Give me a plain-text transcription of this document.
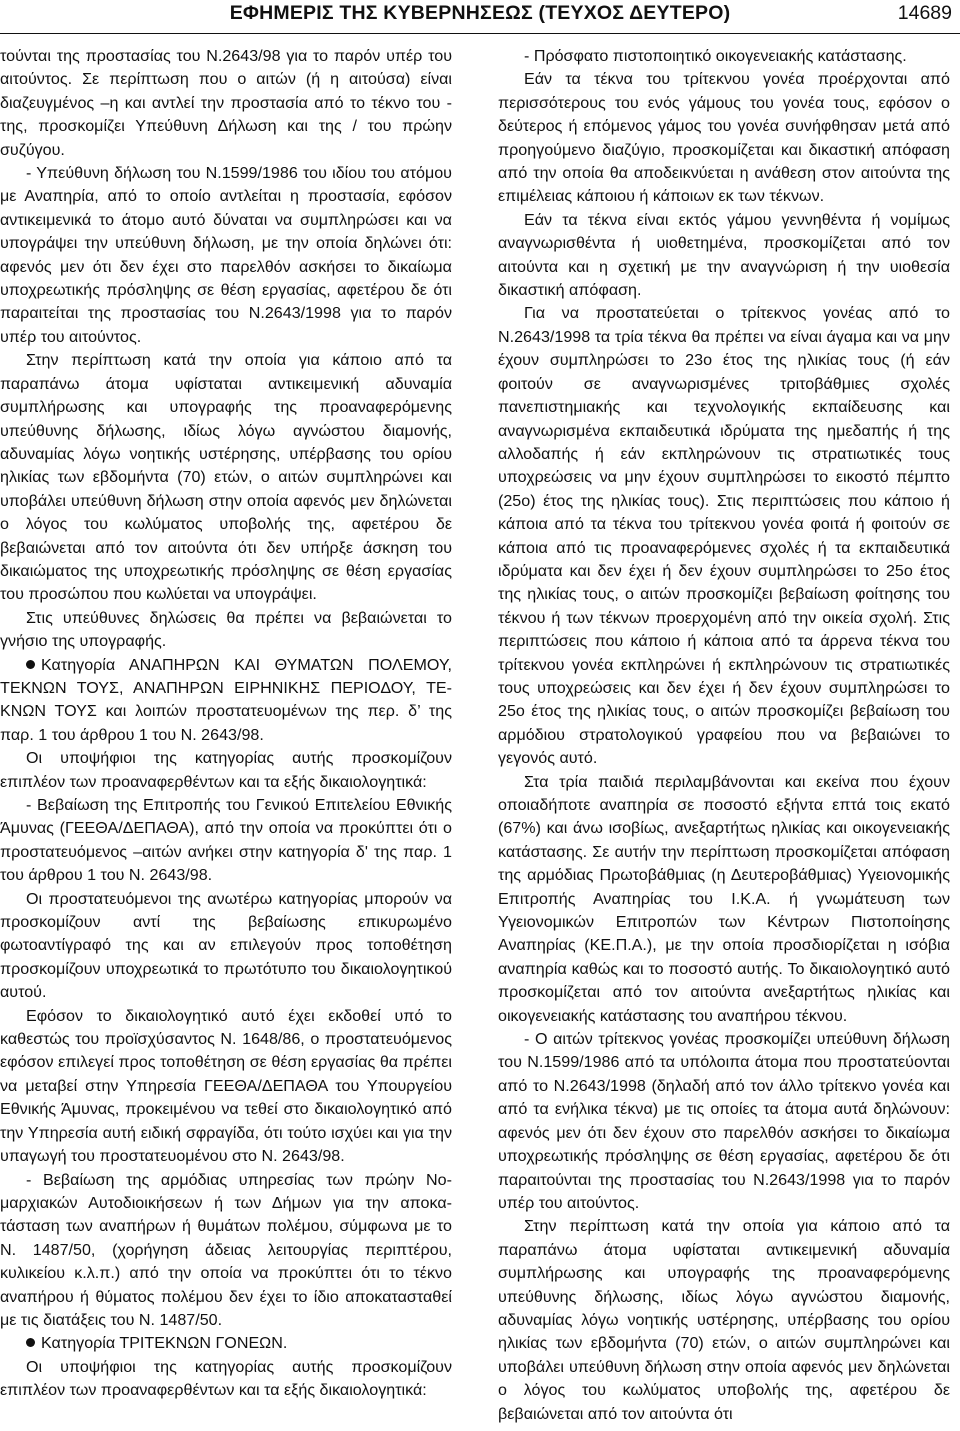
ΕΦΗΜΕΡΙΣ ΤΗΣ ΚΥΒΕΡΝΗΣΕΩΣ (ΤΕΥΧΟΣ ΔΕΥΤΕΡΟ)	14689

τούνται της προστασίας του Ν.2643/98 για το παρόν υπέρ του αιτούντος. Σε περίπτωση που ο αιτών (ή η αιτούσα) είναι διαζευγμένος –η και αντλεί την προστασία από το τέκνο του - της, προσκομίζει Υπεύθυνη Δήλωση και της / του πρώην συζύγου.

- Υπεύθυνη δήλωση του Ν.1599/1986 του ιδίου του ατόμου με Αναπηρία, από το οποίο αντλείται η προστασία, εφόσον αντικειμενικά το άτομο αυτό δύναται να συμπληρώσει και να υπογράψει την υπεύθυνη δήλωση, με την οποία δηλώνει ότι: αφενός μεν ότι δεν έχει στο παρελθόν ασκήσει το δικαίωμα υποχρεωτικής πρόσληψης σε θέση εργασίας, αφετέρου δε ότι παραιτείται της προστασίας του Ν.2643/1998 για το παρόν υπέρ του αιτούντος.

Στην περίπτωση κατά την οποία για κάποιο από τα παραπάνω άτομα υφίσταται αντικειμενική αδυναμία συμπλήρωσης και υπογραφής της προαναφερόμενης υπεύθυνης δήλωσης, ιδίως λόγω αγνώστου διαμονής, αδυναμίας λόγω νοητικής υστέρησης, υπέρβασης του ορίου ηλικίας των εβδομήντα (70) ετών, ο αιτών συμπληρώνει και υποβάλει υπεύθυνη δήλωση στην οποία αφενός μεν δηλώνεται ο λόγος του κωλύματος υποβολής της, αφετέρου δε βεβαιώνεται από τον αιτούντα ότι δεν υπήρξε άσκηση του δικαιώματος της υποχρεωτικής πρόσληψης σε θέση εργασίας του προσώπου που κωλύεται να υπογράψει.

Στις υπεύθυνες δηλώσεις θα πρέπει να βεβαιώνεται το γνήσιο της υπογραφής.

Κατηγορία ΑΝΑΠΗΡΩΝ ΚΑΙ ΘΥΜΑΤΩΝ ΠΟΛΕΜΟΥ, ΤΕΚΝΩΝ ΤΟΥΣ, ΑΝΑΠΗΡΩΝ ΕΙΡΗΝΙΚΗΣ ΠΕΡΙΟΔΟΥ, ΤΕΚΝΩΝ ΤΟΥΣ και λοιπών προστατευομένων της περ. δ’ της παρ. 1 του άρθρου 1 του Ν. 2643/98.

Οι υποψήφιοι της κατηγορίας αυτής προσκομίζουν επιπλέον των προαναφερθέντων και τα εξής δικαιολογητικά:

- Βεβαίωση της Επιτροπής του Γενικού Επιτελείου Εθνικής Άμυνας (ΓΕΕΘΑ/ΔΕΠΑΘΑ), από την οποία να προκύπτει ότι ο προστατευόμενος –αιτών ανήκει στην κατηγορία δ' της παρ. 1 του άρθρου 1 του Ν. 2643/98.

Οι προστατευόμενοι της ανωτέρω κατηγορίας μπορούν να προσκομίζουν αντί της βεβαίωσης επικυρωμένο φωτοαντίγραφό της και αν επιλεγούν προς τοποθέτηση προσκομίζουν υποχρεωτικά το πρωτότυπο του δικαιολογητικού αυτού.

Εφόσον το δικαιολογητικό αυτό έχει εκδοθεί υπό το καθεστώς του προϊσχύσαντος Ν. 1648/86, ο προστατευόμενος εφόσον επιλεγεί προς τοποθέτηση σε θέση εργασίας θα πρέπει να μεταβεί στην Υπηρεσία ΓΕΕΘΑ/ΔΕΠΑΘΑ του Υπουργείου Εθνικής Άμυνας, προκειμένου να τεθεί στο δικαιολογητικό από την Υπηρεσία αυτή ειδική σφραγίδα, ότι τούτο ισχύει και για την υπαγωγή του προστατευομένου στο Ν. 2643/98.

- Βεβαίωση της αρμόδιας υπηρεσίας των πρώην Νομαρχιακών Αυτοδιοικήσεων ή των Δήμων για την αποκατάσταση των αναπήρων ή θυμάτων πολέμου, σύμφωνα με το Ν. 1487/50, (χορήγηση άδειας λειτουργίας περιπτέρου, κυλικείου κ.λ.π.) από την οποία να προκύπτει ότι το τέκνο αναπήρου ή θύματος πολέμου δεν έχει το ίδιο αποκατασταθεί με τις διατάξεις του Ν. 1487/50.

Κατηγορία ΤΡΙΤΕΚΝΩΝ ΓΟΝΕΩΝ.

Οι υποψήφιοι της κατηγορίας αυτής προσκομίζουν επιπλέον των προαναφερθέντων και τα εξής δικαιολογητικά:

- Πρόσφατο πιστοποιητικό οικογενειακής κατάστασης.

Εάν τα τέκνα του τρίτεκνου γονέα προέρχονται από περισσότερους του ενός γάμους του γονέα τους, εφόσον ο δεύτερος ή επόμενος γάμος του γονέα συνήφθησαν μετά από προηγούμενο διαζύγιο, προσκομίζεται και δικαστική απόφαση από την οποία θα αποδεικνύεται η ανάθεση στον αιτούντα της επιμέλειας κάποιου ή κάποιων εκ των τέκνων.

Εάν τα τέκνα είναι εκτός γάμου γεννηθέντα ή νομίμως αναγνωρισθέντα ή υιοθετημένα, προσκομίζεται από τον αιτούντα και η σχετική με την αναγνώριση ή την υιοθεσία δικαστική απόφαση.

Για να προστατεύεται ο τρίτεκνος γονέας από το Ν.2643/1998 τα τρία τέκνα θα πρέπει να είναι άγαμα και να μην έχουν συμπληρώσει το 23ο έτος της ηλικίας τους (ή εάν φοιτούν σε αναγνωρισμένες τριτοβάθμιες σχολές πανεπιστημιακής και τεχνολογικής εκπαίδευσης και αναγνωρισμένα εκπαιδευτικά ιδρύματα της ημεδαπής ή της αλλοδαπής ή εάν εκπληρώνουν τις στρατιωτικές τους υποχρεώσεις να μην έχουν συμπληρώσει το εικοστό πέμπτο (25ο) έτος της ηλικίας τους). Στις περιπτώσεις που κάποιο ή κάποια από τα τέκνα του τρίτεκνου γονέα φοιτά ή φοιτούν σε κάποια από τις προαναφερόμενες σχολές ή τα εκπαιδευτικά ιδρύματα και δεν έχει ή δεν έχουν συμπληρώσει το 25ο έτος της ηλικίας τους, ο αιτών προσκομίζει βεβαίωση φοίτησης του τέκνου ή των τέκνων προερχομένη από την οικεία σχολή. Στις περιπτώσεις που κάποιο ή κάποια από τα άρρενα τέκνα του τρίτεκνου γονέα εκπληρώνει ή εκπληρώνουν τις στρατιωτικές τους υποχρεώσεις και δεν έχει ή δεν έχουν συμπληρώσει το 25ο έτος της ηλικίας τους, ο αιτών προσκομίζει βεβαίωση του αρμόδιου στρατολογικού γραφείου που να βεβαιώνει το γεγονός αυτό.

Στα τρία παιδιά περιλαμβάνονται και εκείνα που έχουν οποιαδήποτε αναπηρία σε ποσοστό εξήντα επτά τοις εκατό (67%) και άνω ισοβίως, ανεξαρτήτως ηλικίας και οικογενειακής κατάστασης. Σε αυτήν την περίπτωση προσκομίζεται απόφαση της αρμόδιας Πρωτοβάθμιας (η Δευτεροβάθμιας) Υγειονομικής Επιτροπής Αναπηρίας του Ι.Κ.Α. ή γνωμάτευση των Υγειονομικών Επιτροπών των Κέντρων Πιστοποίησης Αναπηρίας (ΚΕ.Π.Α.), με την οποία προσδιορίζεται η ισόβια αναπηρία καθώς και το ποσοστό αυτής. Το δικαιολογητικό αυτό προσκομίζεται από τον αιτούντα ανεξαρτήτως ηλικίας και οικογενειακής κατάστασης του αναπήρου τέκνου.

- Ο αιτών τρίτεκνος γονέας προσκομίζει υπεύθυνη δήλωση του Ν.1599/1986 από τα υπόλοιπα άτομα που προστατεύονται από το Ν.2643/1998 (δηλαδή από τον άλλο τρίτεκνο γονέα και από τα ενήλικα τέκνα) με τις οποίες τα άτομα αυτά δηλώνουν: αφενός μεν ότι δεν έχουν στο παρελθόν ασκήσει το δικαίωμα υποχρεωτικής πρόσληψης σε θέση εργασίας, αφετέρου δε ότι παραιτούνται της προστασίας του Ν.2643/1998 για το παρόν υπέρ του αιτούντος.

Στην περίπτωση κατά την οποία για κάποιο από τα παραπάνω άτομα υφίσταται αντικειμενική αδυναμία συμπλήρωσης και υπογραφής της προαναφερόμενης υπεύθυνης δήλωσης, ιδίως λόγω αγνώστου διαμονής, αδυναμίας λόγω νοητικής υστέρησης, υπέρβασης του ορίου ηλικίας των εβδομήντα (70) ετών, ο αιτών συμπληρώνει και υποβάλει υπεύθυνη δήλωση στην οποία αφενός μεν δηλώνεται ο λόγος του κωλύματος υποβολής της, αφετέρου δε βεβαιώνεται από τον αιτούντα ότι
